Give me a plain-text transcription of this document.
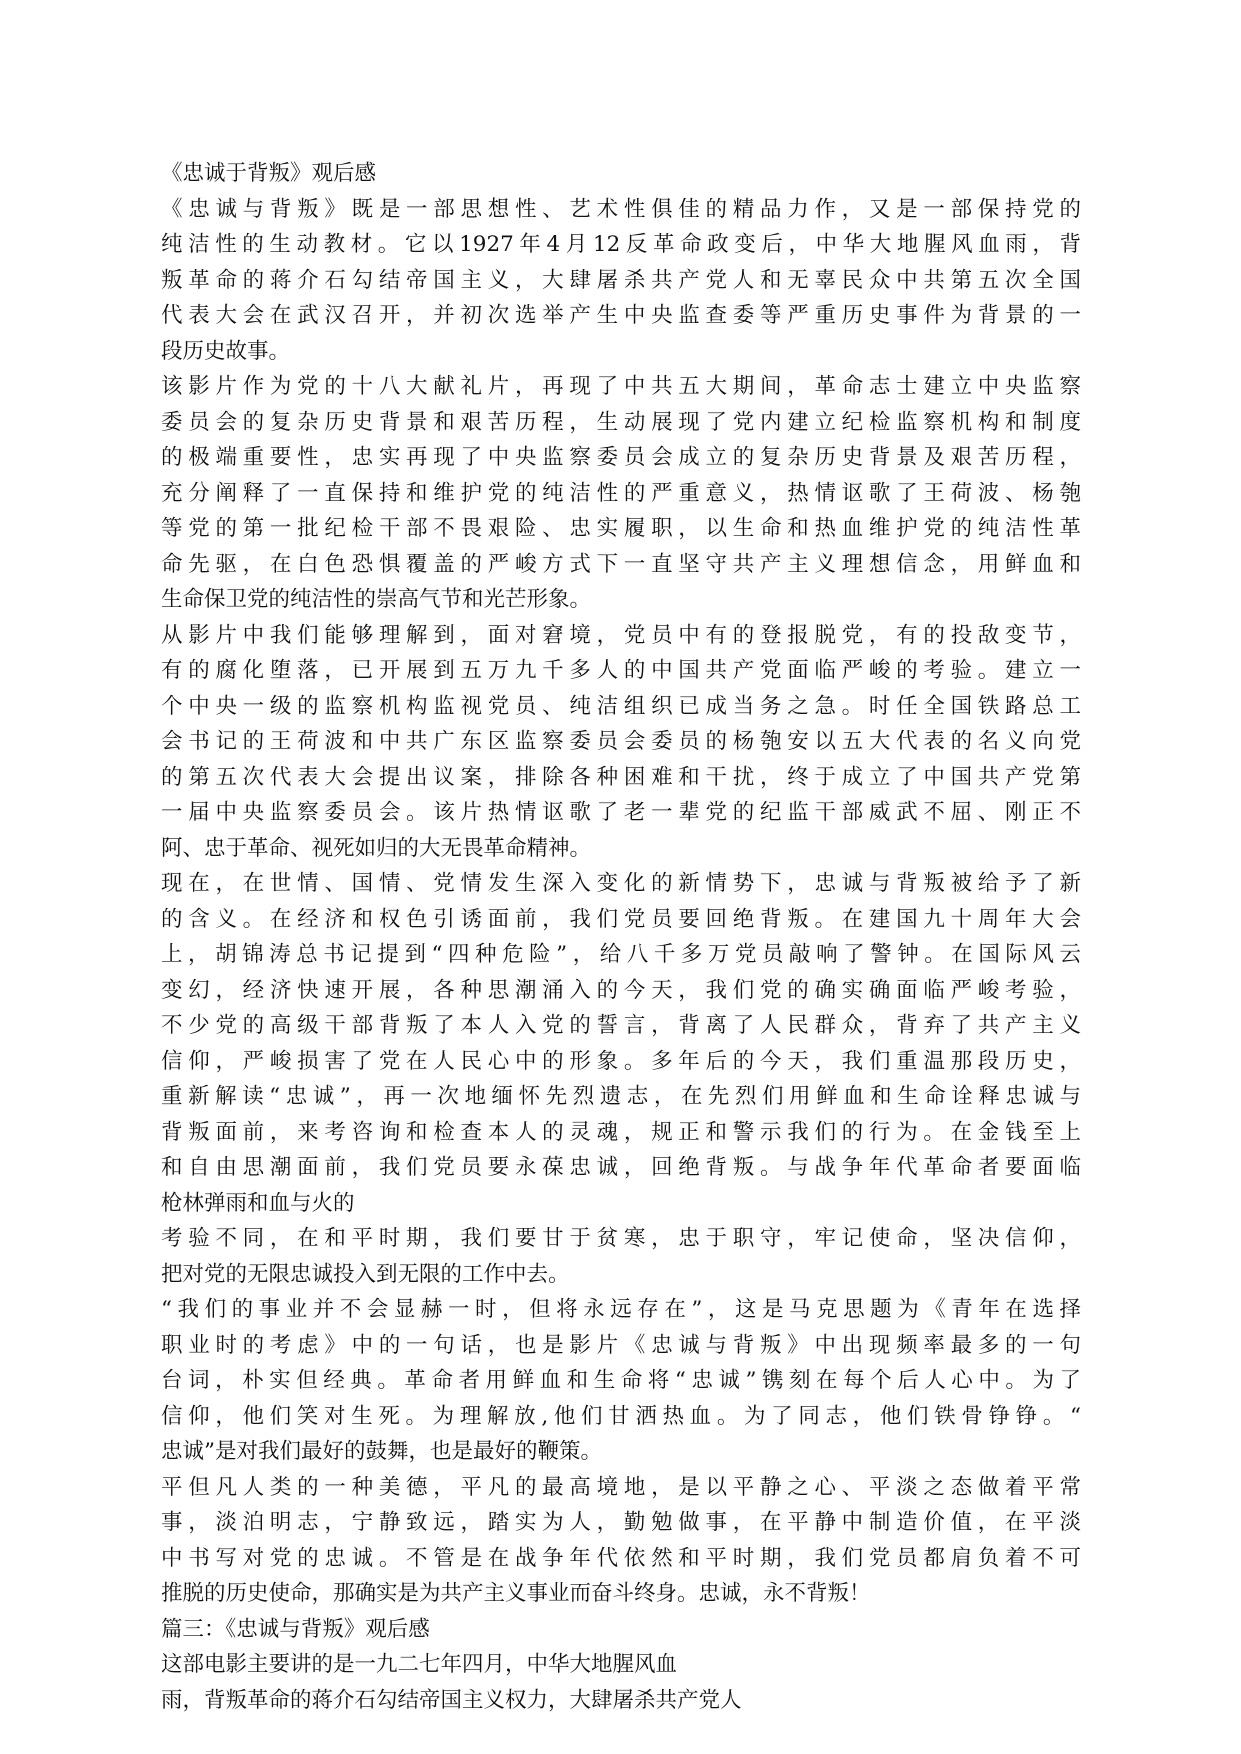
《忠诚于背叛》观后感
《忠诚与背叛》既是一部思想性、艺术性俱佳的精品力作，又是一部保持党的
纯洁性的生动教材。它以1927年4月12反革命政变后，中华大地腥风血雨，背
叛革命的蒋介石勾结帝国主义，大肆屠杀共产党人和无辜民众中共第五次全国
代表大会在武汉召开，并初次选举产生中央监查委等严重历史事件为背景的一
段历史故事。
该影片作为党的十八大献礼片，再现了中共五大期间，革命志士建立中央监察
委员会的复杂历史背景和艰苦历程，生动展现了党内建立纪检监察机构和制度
的极端重要性，忠实再现了中央监察委员会成立的复杂历史背景及艰苦历程，
充分阐释了一直保持和维护党的纯洁性的严重意义，热情讴歌了王荷波、杨匏
等党的第一批纪检干部不畏艰险、忠实履职，以生命和热血维护党的纯洁性革
命先驱，在白色恐惧覆盖的严峻方式下一直坚守共产主义理想信念，用鲜血和
生命保卫党的纯洁性的崇高气节和光芒形象。
从影片中我们能够理解到，面对窘境，党员中有的登报脱党，有的投敌变节，
有的腐化堕落，已开展到五万九千多人的中国共产党面临严峻的考验。建立一
个中央一级的监察机构监视党员、纯洁组织已成当务之急。时任全国铁路总工
会书记的王荷波和中共广东区监察委员会委员的杨匏安以五大代表的名义向党
的第五次代表大会提出议案，排除各种困难和干扰，终于成立了中国共产党第
一届中央监察委员会。该片热情讴歌了老一辈党的纪监干部威武不屈、刚正不
阿、忠于革命、视死如归的大无畏革命精神。
现在，在世情、国情、党情发生深入变化的新情势下，忠诚与背叛被给予了新
的含义。在经济和权色引诱面前，我们党员要回绝背叛。在建国九十周年大会
上，胡锦涛总书记提到“四种危险”，给八千多万党员敲响了警钟。在国际风云
变幻，经济快速开展，各种思潮涌入的今天，我们党的确实确面临严峻考验，
不少党的高级干部背叛了本人入党的誓言，背离了人民群众，背弃了共产主义
信仰，严峻损害了党在人民心中的形象。多年后的今天，我们重温那段历史，
重新解读“忠诚”，再一次地缅怀先烈遗志，在先烈们用鲜血和生命诠释忠诚与
背叛面前，来考咨询和检查本人的灵魂，规正和警示我们的行为。在金钱至上
和自由思潮面前，我们党员要永葆忠诚，回绝背叛。与战争年代革命者要面临
枪林弹雨和血与火的
考验不同，在和平时期，我们要甘于贫寒，忠于职守，牢记使命，坚决信仰，
把对党的无限忠诚投入到无限的工作中去。
“我们的事业并不会显赫一时，但将永远存在”，这是马克思题为《青年在选择
职业时的考虑》中的一句话，也是影片《忠诚与背叛》中出现频率最多的一句
台词，朴实但经典。革命者用鲜血和生命将“忠诚”镌刻在每个后人心中。为了
信仰，他们笑对生死。为理解放,他们甘洒热血。为了同志，他们铁骨铮铮。“
忠诚”是对我们最好的鼓舞，也是最好的鞭策。
平但凡人类的一种美德，平凡的最高境地，是以平静之心、平淡之态做着平常
事，淡泊明志，宁静致远，踏实为人，勤勉做事，在平静中制造价值，在平淡
中书写对党的忠诚。不管是在战争年代依然和平时期，我们党员都肩负着不可
推脱的历史使命，那确实是为共产主义事业而奋斗终身。忠诚，永不背叛！
篇三：《忠诚与背叛》观后感
这部电影主要讲的是一九二七年四月，中华大地腥风血
雨，背叛革命的蒋介石勾结帝国主义权力，大肆屠杀共产党人
